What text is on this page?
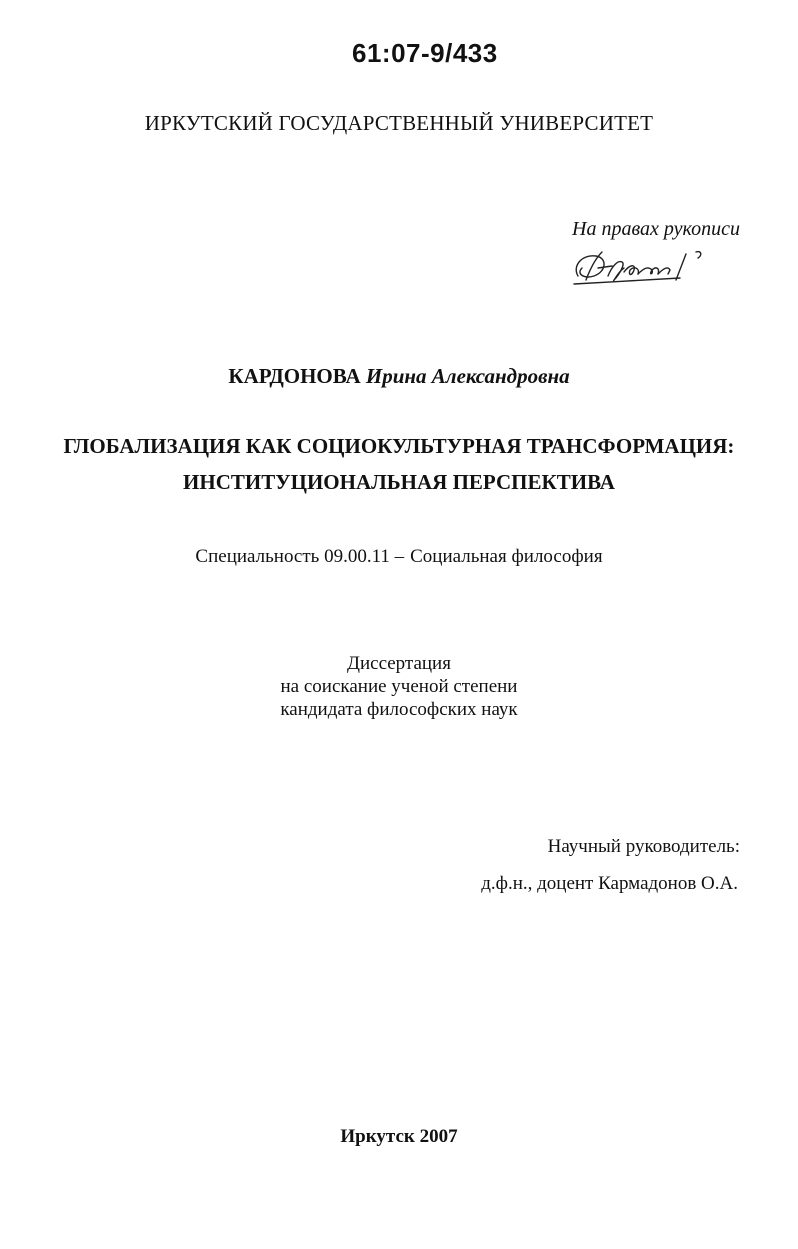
61:07-9/433
ИРКУТСКИЙ ГОСУДАРСТВЕННЫЙ УНИВЕРСИТЕТ
На правах рукописи
КАРДОНОВА Ирина Александровна
ГЛОБАЛИЗАЦИЯ КАК СОЦИОКУЛЬТУРНАЯ ТРАНСФОРМАЦИЯ:
ИНСТИТУЦИОНАЛЬНАЯ ПЕРСПЕКТИВА
Специальность 09.00.11 – Социальная философия
Диссертация
на соискание ученой степени
кандидата философских наук
Научный руководитель:
д.ф.н., доцент Кармадонов О.А.
Иркутск 2007
